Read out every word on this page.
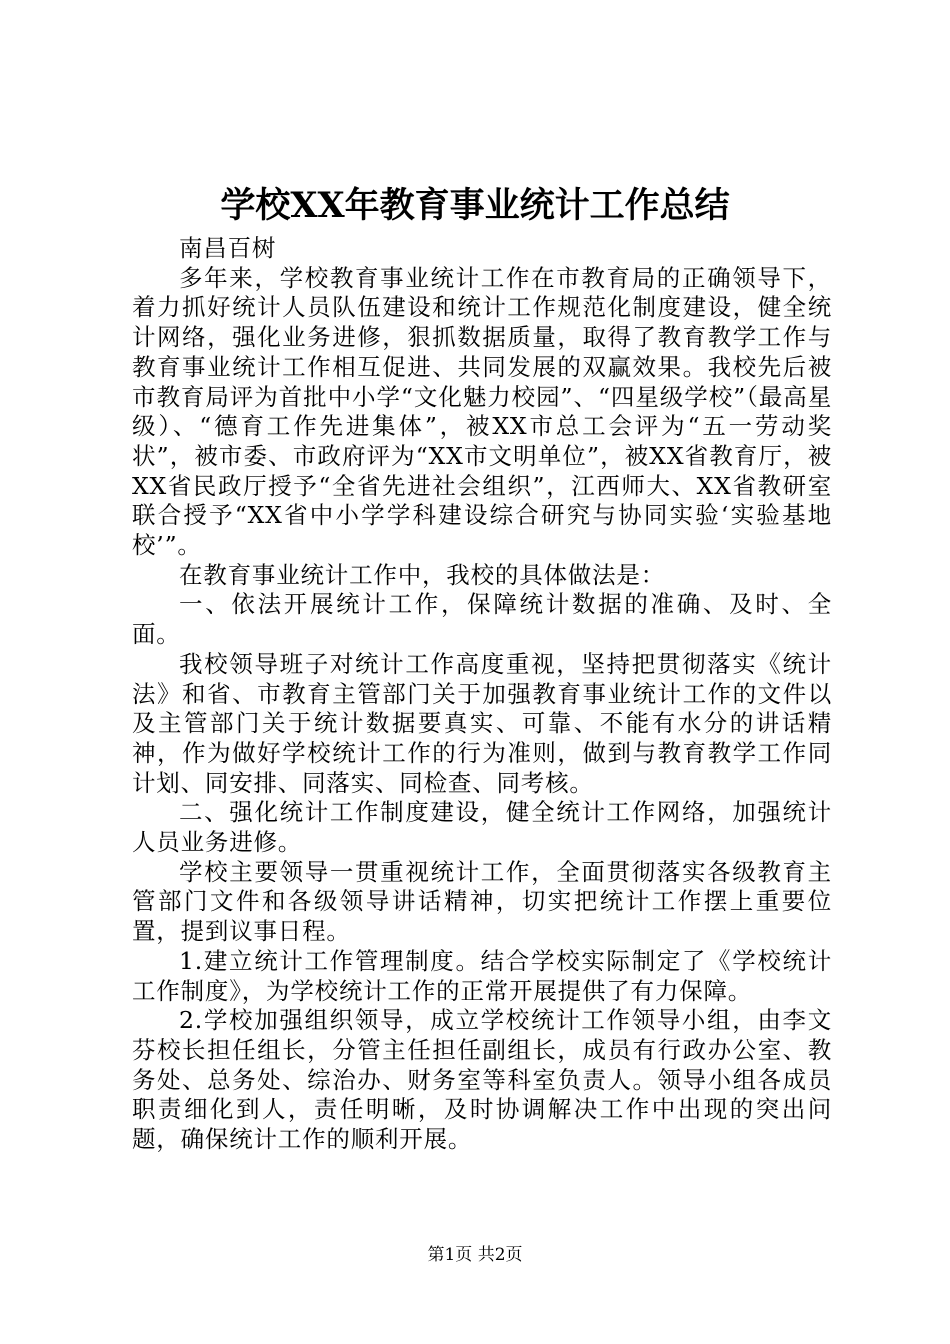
学校XX年教育事业统计工作总结

南昌百树

多年来，学校教育事业统计工作在市教育局的正确领导下，着力抓好统计人员队伍建设和统计工作规范化制度建设，健全统计网络，强化业务进修，狠抓数据质量，取得了教育教学工作与教育事业统计工作相互促进、共同发展的双赢效果。我校先后被市教育局评为首批中小学“文化魅力校园”、“四星级学校”（最高星级）、“德育工作先进集体”，被XX市总工会评为“五一劳动奖状”，被市委、市政府评为“XX市文明单位”，被XX省教育厅，被XX省民政厅授予“全省先进社会组织”，江西师大、XX省教研室联合授予“XX省中小学学科建设综合研究与协同实验‘实验基地校’”。

在教育事业统计工作中，我校的具体做法是：

一、依法开展统计工作，保障统计数据的准确、及时、全面。

我校领导班子对统计工作高度重视，坚持把贯彻落实《统计法》和省、市教育主管部门关于加强教育事业统计工作的文件以及主管部门关于统计数据要真实、可靠、不能有水分的讲话精神，作为做好学校统计工作的行为准则，做到与教育教学工作同计划、同安排、同落实、同检查、同考核。

二、强化统计工作制度建设，健全统计工作网络，加强统计人员业务进修。

学校主要领导一贯重视统计工作，全面贯彻落实各级教育主管部门文件和各级领导讲话精神，切实把统计工作摆上重要位置，提到议事日程。

1.建立统计工作管理制度。结合学校实际制定了《学校统计工作制度》，为学校统计工作的正常开展提供了有力保障。

2.学校加强组织领导，成立学校统计工作领导小组，由李文芬校长担任组长，分管主任担任副组长，成员有行政办公室、教务处、总务处、综治办、财务室等科室负责人。领导小组各成员职责细化到人，责任明晰，及时协调解决工作中出现的突出问题，确保统计工作的顺利开展。

第1页 共2页
